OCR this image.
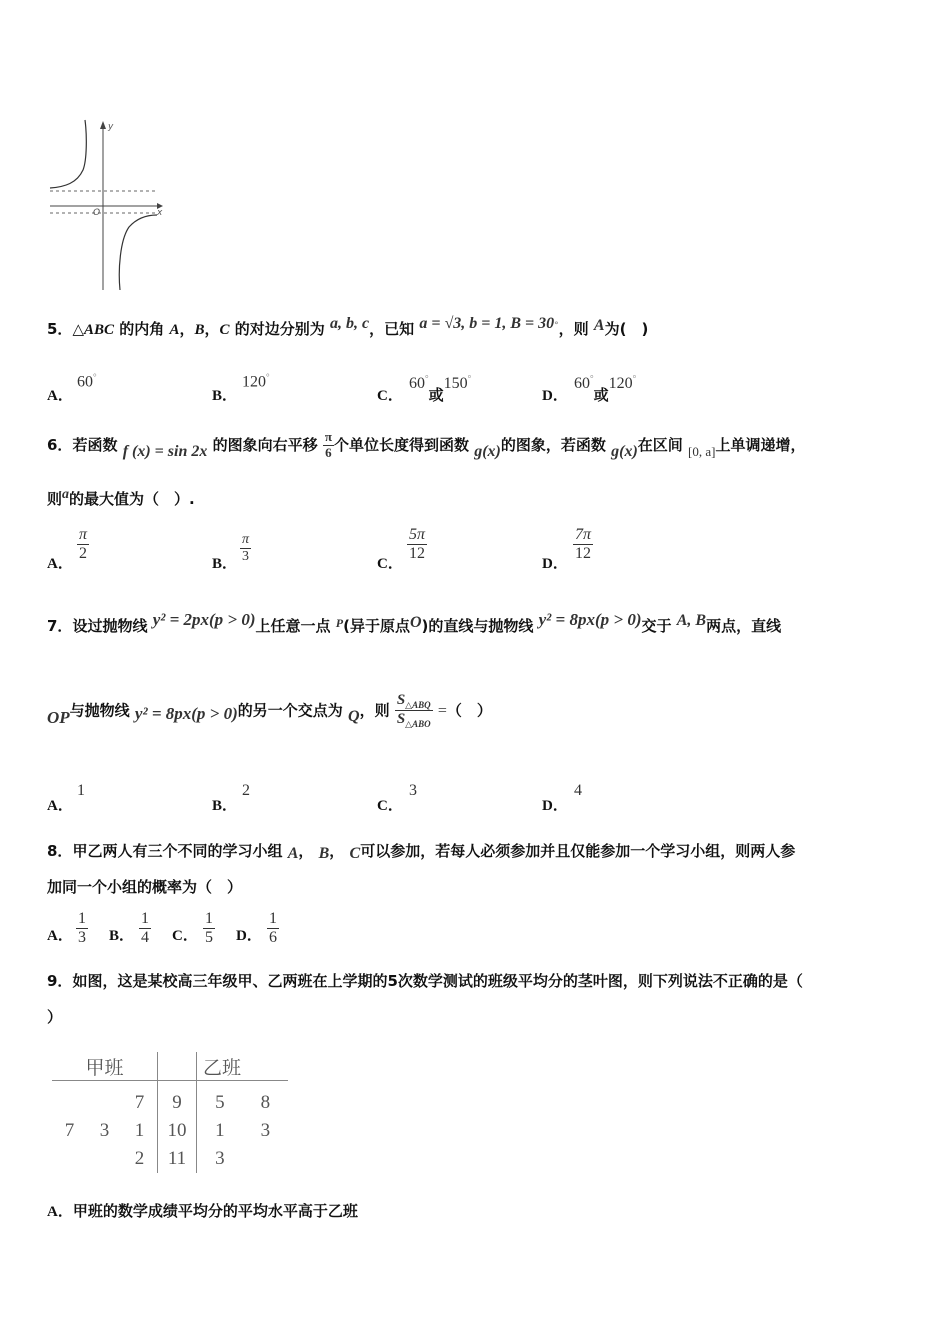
y
x
O
5．△ABC 的内角 A，B，C 的对边分别为 a, b, c，已知 a = √3, b = 1, B = 30°，则 A为(　)
A．
60°
B．
120°
C．
60°或150°
D．
60°或120°
6．若函数 f (x) = sin 2x 的图象向右平移 $\frac{\pi}{6}$ 个单位长度得到函数 g(x)的图象，若函数 g(x)在区间 [0, a]上单调递增，
则a的最大值为（　）.
A．
$\frac{\pi}{2}$
B． $\frac{\pi}{3}$	C．
$\frac{5\pi}{12}$
D．
$\frac{7\pi}{12}$
7．设过抛物线 y² = 2px(p > 0)上任意一点 $^P$(异于原点O)的直线与抛物线 y² = 8px(p > 0)交于 A, B两点，直线
OP与抛物线 y² = 8px(p > 0)的另一个交点为 Q，则 $\frac{S_{\triangle ABQ}}{S_{\triangle ABO}}$ =（　）
A．
1
B．
2
C．
3
D．
4
8．甲乙两人有三个不同的学习小组 A， B， C可以参加，若每人必须参加并且仅能参加一个学习小组，则两人参
加同一个小组的概率为（　）
A． $\frac{1}{3}$ B． $\frac{1}{4}$ C． $\frac{1}{5}$ D． $\frac{1}{6}$
9．如图，这是某校高三年级甲、乙两班在上学期的5次数学测试的班级平均分的茎叶图，则下列说法不正确的是（
）
甲班				乙班	

		7	9	5	8
7	3	1	10	1	3
		2	11	3	
A．甲班的数学成绩平均分的平均水平高于乙班
